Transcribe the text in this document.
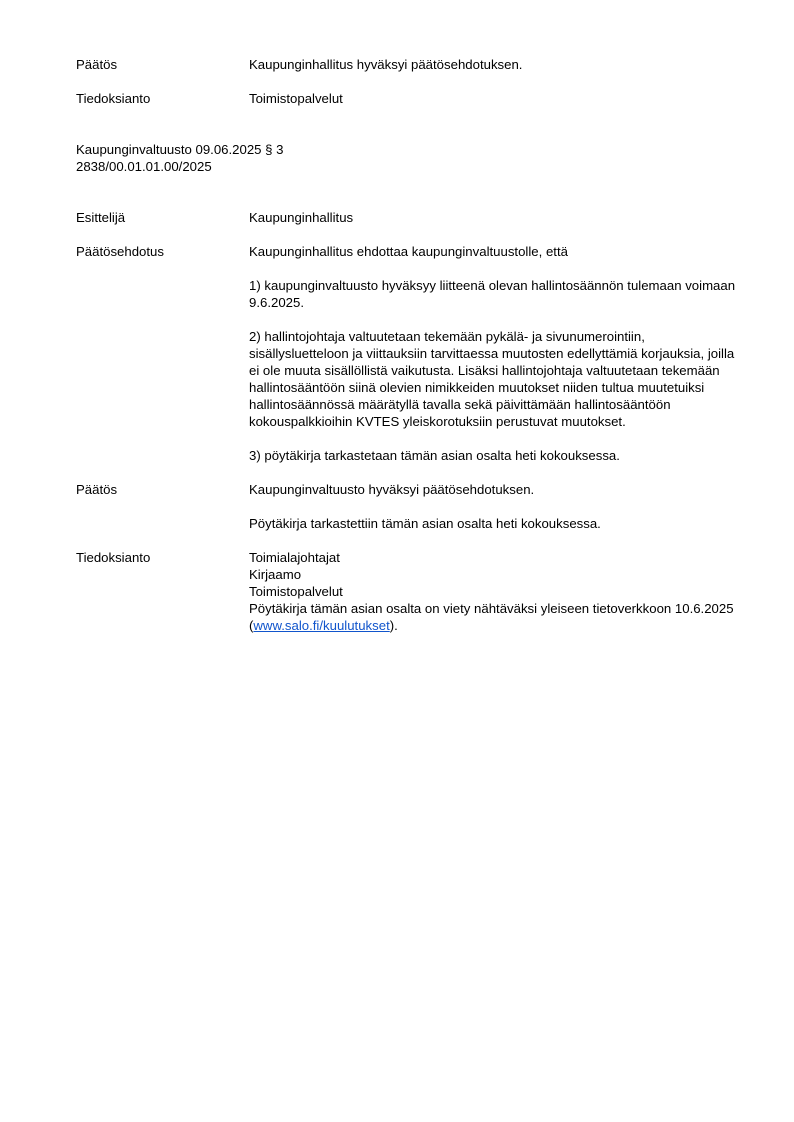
Päätös	Kaupunginhallitus hyväksyi päätösehdotuksen.
Tiedoksianto	Toimistopalvelut
Kaupunginvaltuusto 09.06.2025 § 3
2838/00.01.01.00/2025
Esittelijä	Kaupunginhallitus
Päätösehdotus	Kaupunginhallitus ehdottaa kaupunginvaltuustolle, että

1) kaupunginvaltuusto hyväksyy liitteenä olevan hallintosäännön tulemaan voimaan 9.6.2025.

2) hallintojohtaja valtuutetaan tekemään pykälä- ja sivunumerointiin, sisällysluetteloon ja viittauksiin tarvittaessa muutosten edellyttämiä korjauksia, joilla ei ole muuta sisällöllistä vaikutusta. Lisäksi hallintojohtaja valtuutetaan tekemään hallintosääntöön siinä olevien nimikkeiden muutokset niiden tultua muutetuiksi hallintosäännössä määrätyllä tavalla sekä päivittämään hallintosääntöön kokouspalkkioihin KVTES yleiskorotuksiin perustuvat muutokset.

3) pöytäkirja tarkastetaan tämän asian osalta heti kokouksessa.

Päätös	Kaupunginvaltuusto hyväksyi päätösehdotuksen.

Pöytäkirja tarkastettiin tämän asian osalta heti kokouksessa.

Tiedoksianto	Toimialajohtajat

Kirjaamo

Toimistopalvelut

Pöytäkirja tämän asian osalta on viety nähtäväksi yleiseen tietoverkkoon 10.6.2025 (www.salo.fi/kuulutukset).
